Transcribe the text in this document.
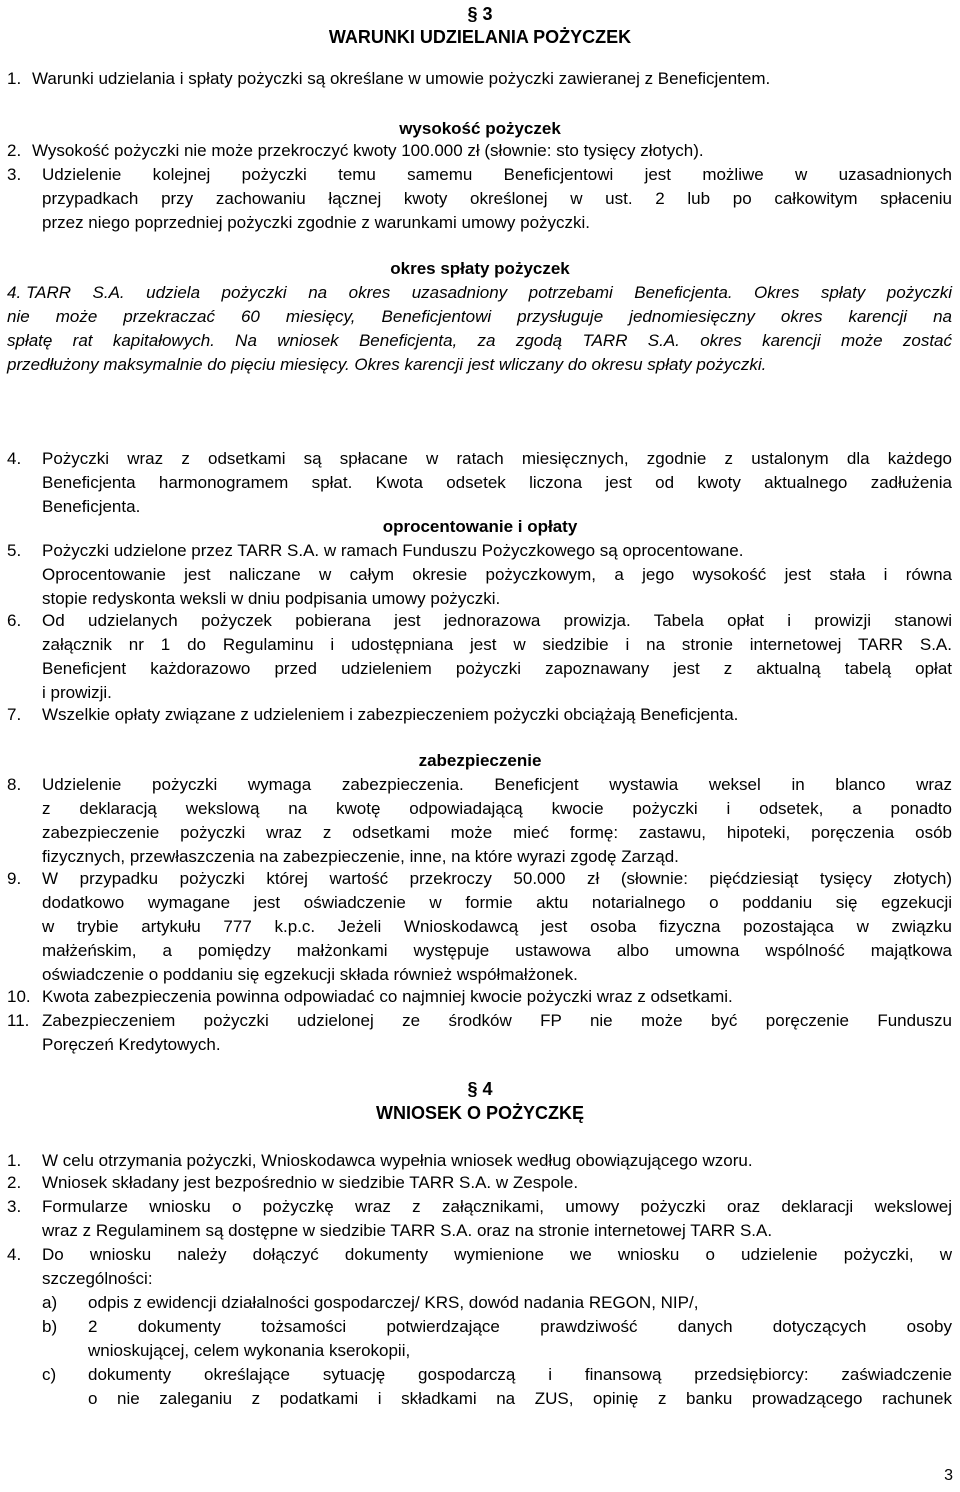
§ 3
WARUNKI UDZIELANIA POŻYCZEK
1. Warunki udzielania i spłaty pożyczki są określane w umowie pożyczki zawieranej z Beneficjentem.
wysokość pożyczek
2. Wysokość pożyczki nie może przekroczyć kwoty 100.000 zł (słownie: sto tysięcy złotych).
3. Udzielenie kolejnej pożyczki temu samemu Beneficjentowi jest możliwe w uzasadnionych
przypadkach przy zachowaniu łącznej kwoty określonej w ust. 2 lub po całkowitym spłaceniu
przez niego poprzedniej pożyczki zgodnie z warunkami umowy pożyczki.
okres spłaty pożyczek
4. TARR S.A. udziela pożyczki na okres uzasadniony potrzebami Beneficjenta. Okres spłaty pożyczki
nie może przekraczać 60 miesięcy, Beneficjentowi przysługuje jednomiesięczny okres karencji na
spłatę rat kapitałowych. Na wniosek Beneficjenta, za zgodą TARR S.A. okres karencji może zostać
przedłużony maksymalnie do pięciu miesięcy. Okres karencji jest wliczany do okresu spłaty pożyczki.
4. Pożyczki wraz z odsetkami są spłacane w ratach miesięcznych, zgodnie z ustalonym dla każdego
Beneficjenta harmonogramem spłat. Kwota odsetek liczona jest od kwoty aktualnego zadłużenia
Beneficjenta.
oprocentowanie i opłaty
5. Pożyczki udzielone przez TARR S.A. w ramach Funduszu Pożyczkowego są oprocentowane.
Oprocentowanie jest naliczane w całym okresie pożyczkowym, a jego wysokość jest stała i równa
stopie redyskonta weksli w dniu podpisania umowy pożyczki.
6. Od udzielanych pożyczek pobierana jest jednorazowa prowizja. Tabela opłat i prowizji stanowi
załącznik nr 1 do Regulaminu i udostępniana jest w siedzibie i na stronie internetowej TARR S.A.
Beneficjent każdorazowo przed udzieleniem pożyczki zapoznawany jest z aktualną tabelą opłat
i prowizji.
7. Wszelkie opłaty związane z udzieleniem i zabezpieczeniem pożyczki obciążają Beneficjenta.
zabezpieczenie
8. Udzielenie pożyczki wymaga zabezpieczenia. Beneficjent wystawia weksel in blanco wraz
z deklaracją wekslową na kwotę odpowiadającą kwocie pożyczki i odsetek, a ponadto
zabezpieczenie pożyczki wraz z odsetkami może mieć formę: zastawu, hipoteki, poręczenia osób
fizycznych, przewłaszczenia na zabezpieczenie, inne, na które wyrazi zgodę Zarząd.
9. W przypadku pożyczki której wartość przekroczy 50.000 zł (słownie: pięćdziesiąt tysięcy złotych)
dodatkowo wymagane jest oświadczenie w formie aktu notarialnego o poddaniu się egzekucji
w trybie artykułu 777 k.p.c. Jeżeli Wnioskodawcą jest osoba fizyczna pozostająca w związku
małżeńskim, a pomiędzy małżonkami występuje ustawowa albo umowna wspólność majątkowa
oświadczenie o poddaniu się egzekucji składa również współmałżonek.
10. Kwota zabezpieczenia powinna odpowiadać co najmniej kwocie pożyczki wraz z odsetkami.
11. Zabezpieczeniem pożyczki udzielonej ze środków FP nie może być poręczenie Funduszu
Poręczeń Kredytowych.
§ 4
WNIOSEK O POŻYCZKĘ
1. W celu otrzymania pożyczki, Wnioskodawca wypełnia wniosek według obowiązującego wzoru.
2. Wniosek składany jest bezpośrednio w siedzibie TARR S.A. w Zespole.
3. Formularze wniosku o pożyczkę wraz z załącznikami, umowy pożyczki oraz deklaracji wekslowej
wraz z Regulaminem są dostępne w siedzibie TARR S.A. oraz na stronie internetowej TARR S.A.
4. Do wniosku należy dołączyć dokumenty wymienione we wniosku o udzielenie pożyczki, w
szczególności:
a) odpis z ewidencji działalności gospodarczej/ KRS, dowód nadania REGON, NIP/,
b) 2 dokumenty tożsamości potwierdzające prawdziwość danych dotyczących osoby
wnioskującej, celem wykonania kserokopii,
c) dokumenty określające sytuację gospodarczą i finansową przedsiębiorcy: zaświadczenie
o nie zaleganiu z podatkami i składkami na ZUS, opinię z banku prowadzącego rachunek
3
